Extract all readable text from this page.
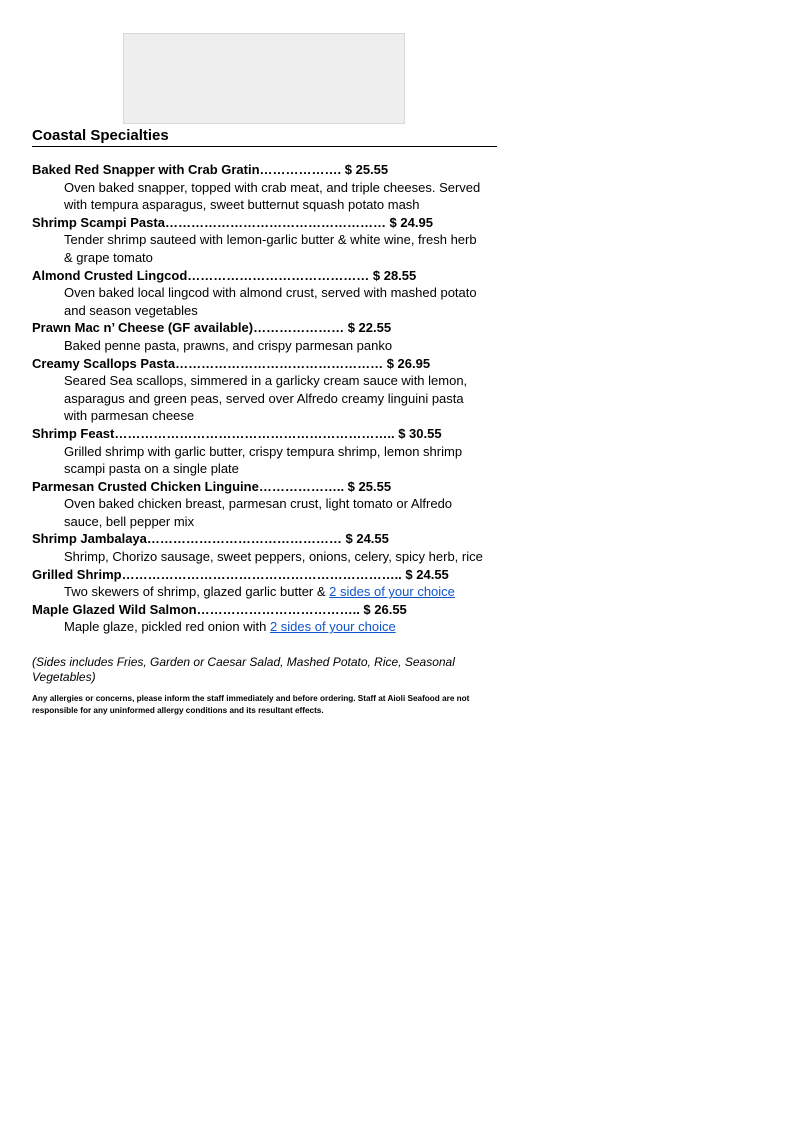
Coastal Specialties
Baked Red Snapper with Crab Gratin………………. $ 25.55
Oven baked snapper, topped with crab meat, and triple cheeses. Served
with tempura asparagus, sweet butternut squash potato mash
Shrimp Scampi Pasta…………………………………………… $ 24.95
Tender shrimp sauteed with lemon-garlic butter & white wine, fresh herb
& grape tomato
Almond Crusted Lingcod…………………………………… $ 28.55
Oven baked local lingcod with almond crust, served with mashed potato
and season vegetables
Prawn Mac n’ Cheese (GF available)………………… $ 22.55
Baked penne pasta, prawns, and crispy parmesan panko
Creamy Scallops Pasta………………………………………… $ 26.95
Seared Sea scallops, simmered in a garlicky cream sauce with lemon,
asparagus and green peas, served over Alfredo creamy linguini pasta
with parmesan cheese
Shrimp Feast……………………………………………………….. $ 30.55
Grilled shrimp with garlic butter, crispy tempura shrimp, lemon shrimp
scampi pasta on a single plate
Parmesan Crusted Chicken Linguine……………….. $ 25.55
Oven baked chicken breast, parmesan crust, light tomato or Alfredo
sauce, bell pepper mix
Shrimp Jambalaya……………………………………… $ 24.55
Shrimp, Chorizo sausage, sweet peppers, onions, celery, spicy herb, rice
Grilled Shrimp……………………………………………………….. $ 24.55
Two skewers of shrimp, glazed garlic butter & 2 sides of your choice
Maple Glazed Wild Salmon……………………………….. $ 26.55
Maple glaze, pickled red onion with 2 sides of your choice
(Sides includes Fries, Garden or Caesar Salad, Mashed Potato, Rice, Seasonal Vegetables)
Any allergies or concerns, please inform the staff immediately and before ordering. Staff at Aioli Seafood are not responsible for any uninformed allergy conditions and its resultant effects.
